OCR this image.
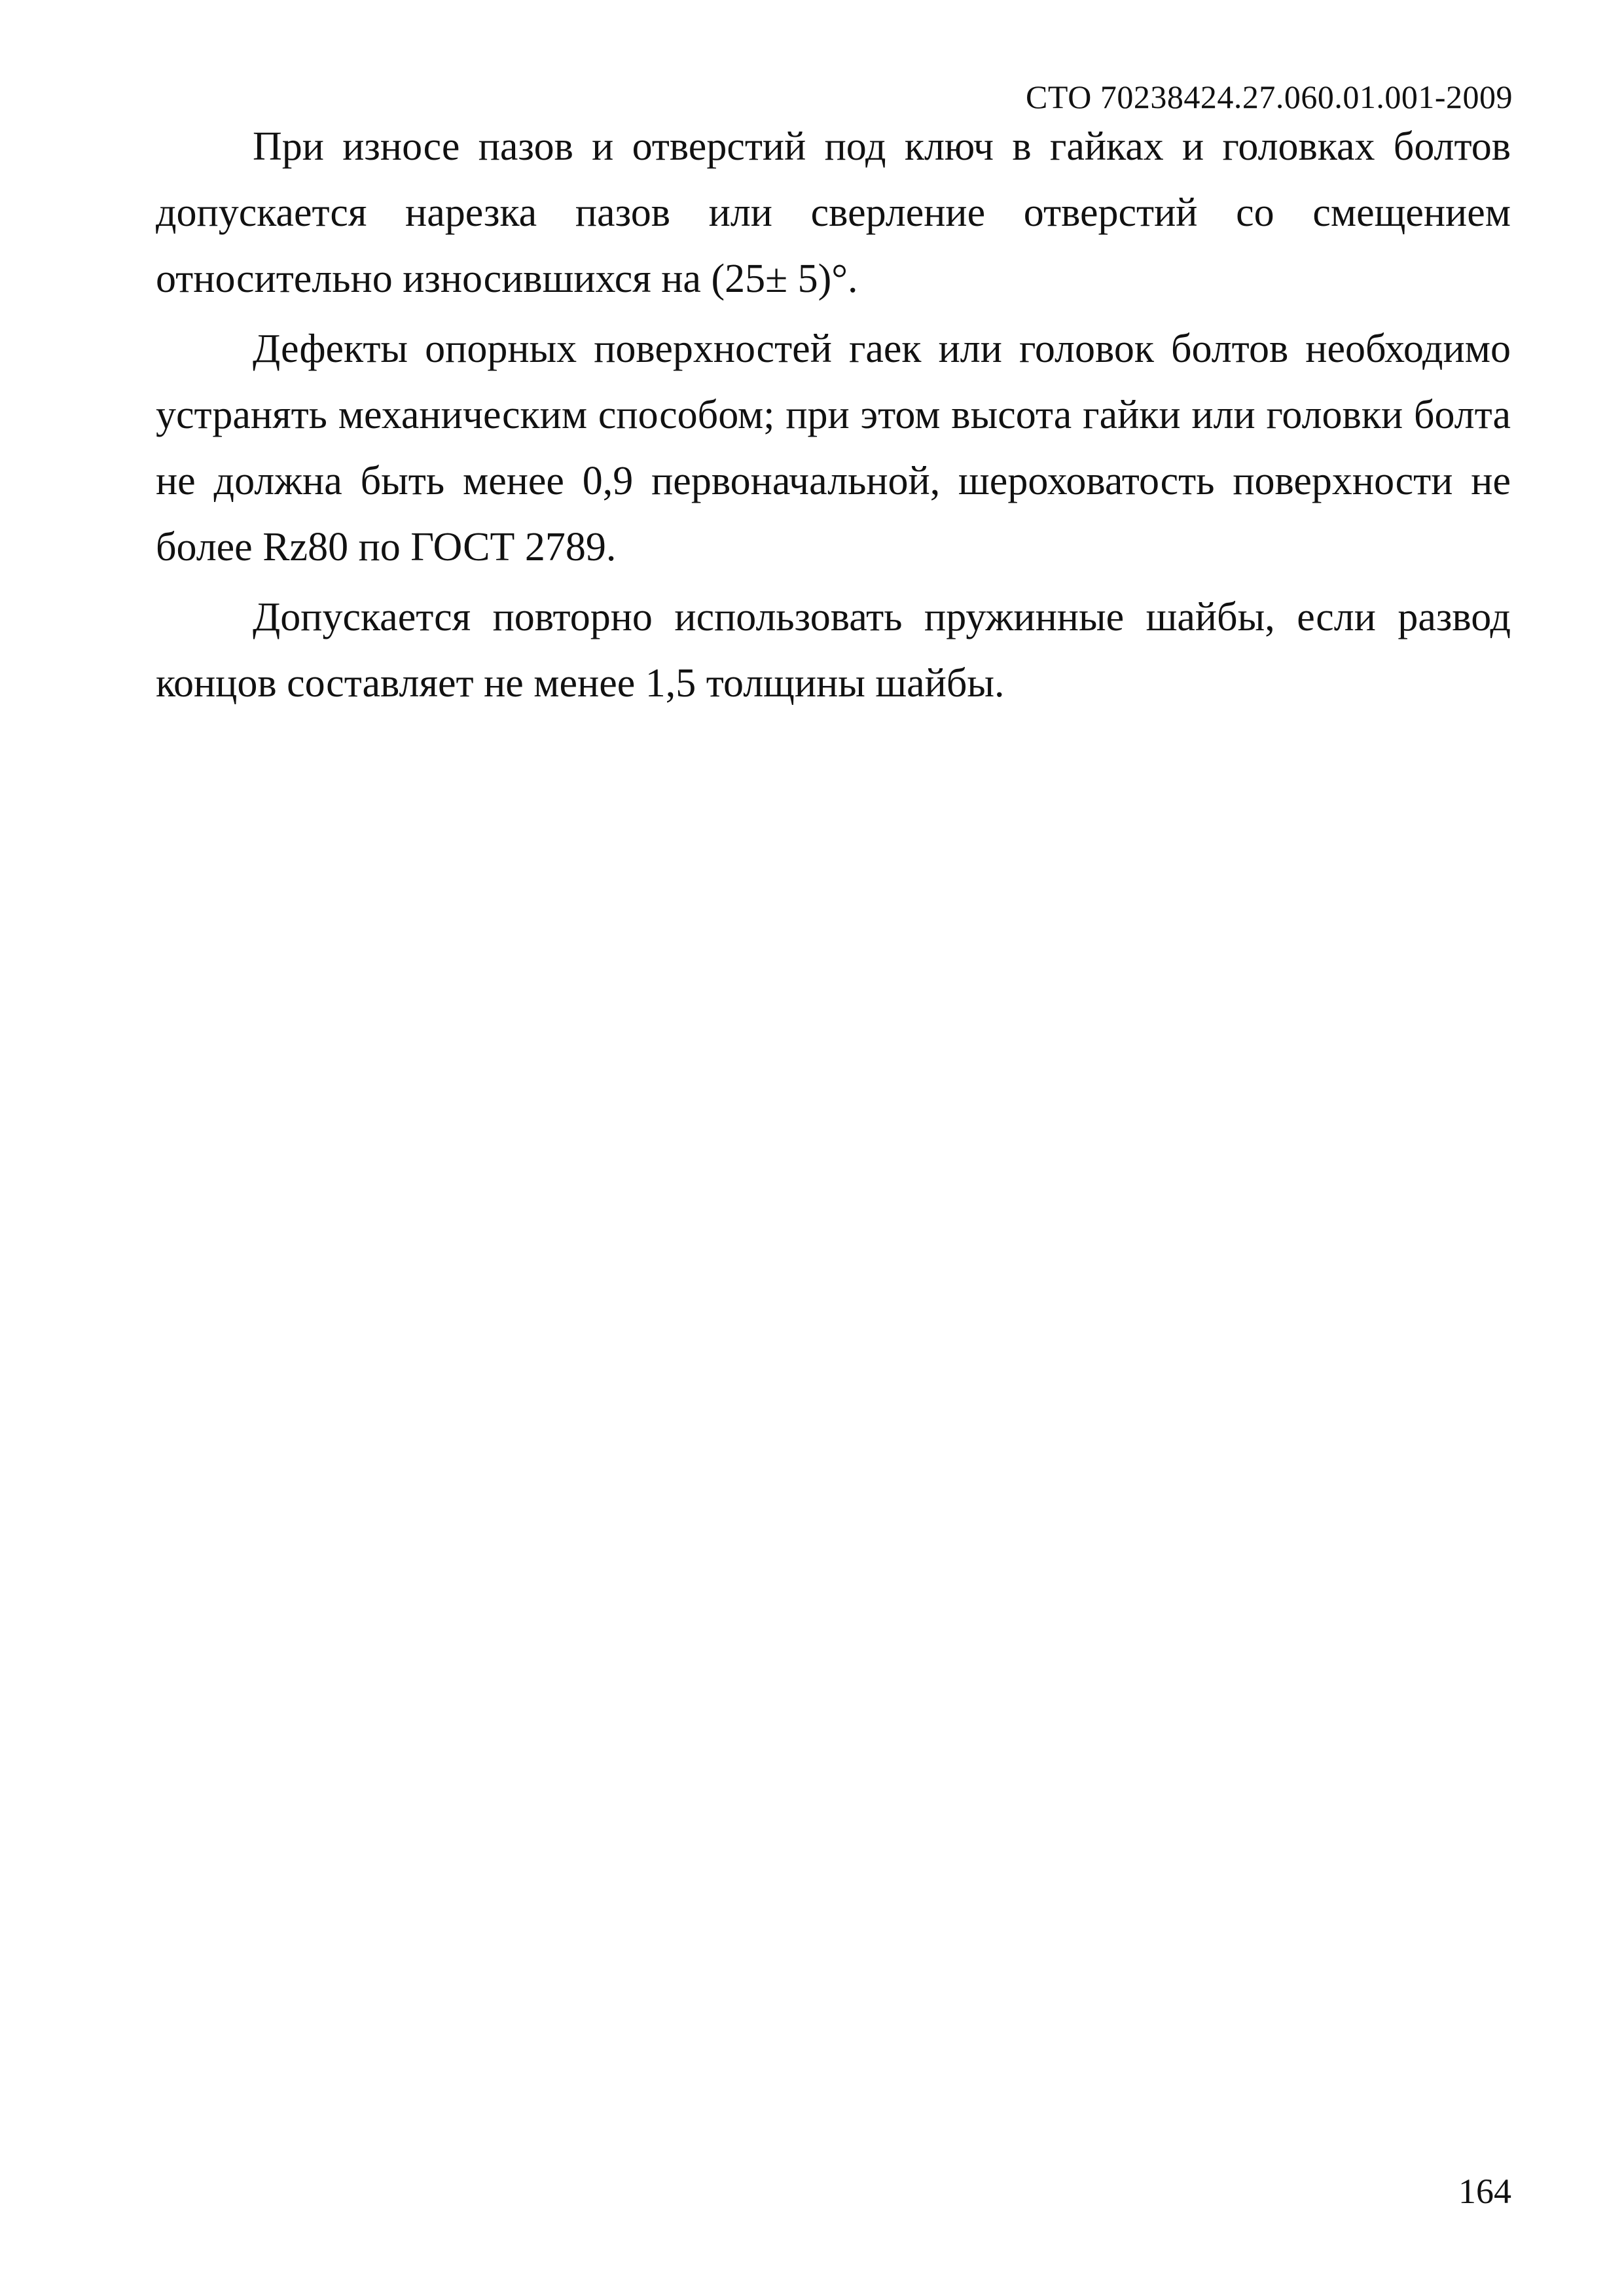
СТО 70238424.27.060.01.001-2009

При износе пазов и отверстий под ключ в гайках и головках болтов допускается нарезка пазов или сверление отверстий со смещением относительно износившихся на (25± 5)°.

Дефекты опорных поверхностей гаек или головок болтов необходимо устранять механическим способом; при этом высота гайки или головки болта не должна быть менее 0,9 первоначальной, шероховатость поверхности не более Rz80 по ГОСТ 2789.

Допускается повторно использовать пружинные шайбы, если развод концов составляет не менее 1,5 толщины шайбы.

164
